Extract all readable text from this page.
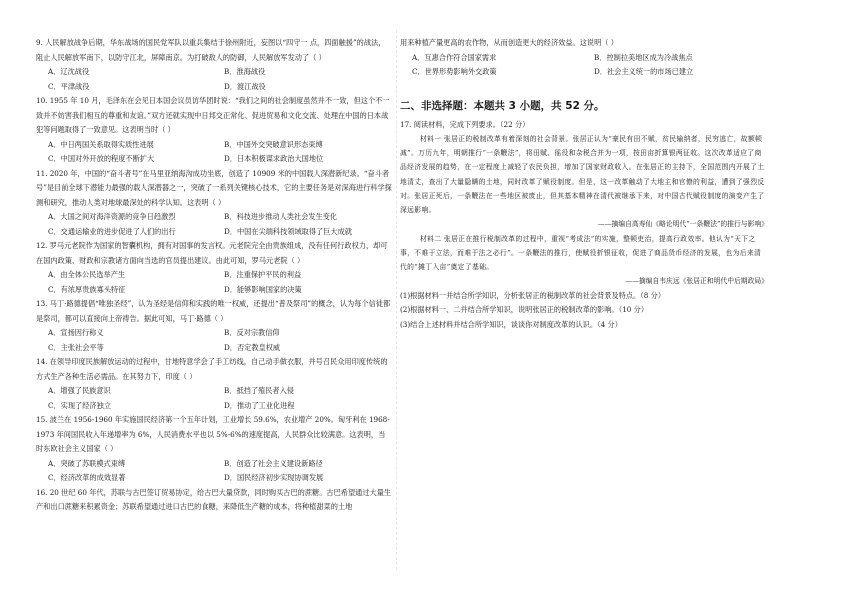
9. 人民解放战争后期，华东战场的国民党军队以重兵集结于徐州附近，妄图以“四守一 点，四面触援”的战法，阻止人民解放军南下，以防守江北，屏障南京。为打破敌人的防御，人民解放军发动了（ ）

A．辽沈战役	B．淮海战役
C．平津战役	D．渡江战役

10. 1955 年 10 月，毛泽东在会见日本国会议员访华团时说：“我们之间的社会制度虽然并不一致，但这个不一致并不妨害我们相互的尊重和友谊。”双方还就实现中日邦交正常化、促进贸易和文化交流、处理在中国的日本战犯等问题取得了一致意见。这表明当时（ ）

A．中日两国关系取得实质性进展	B．中国外交突破意识形态束缚
C．中国对外开放的程度不断扩大	D．日本积极谋求政治大国地位

11. 2020 年，中国的“奋斗者号”在马里亚纳海沟成功坐底，创造了 10909 米的中国载人深潜新纪录。“奋斗者号”是目前全球下潜能力最强的载人深潜器之一，突破了一系列关键核心技术，它的主要任务是对深海进行科学探测和研究，推动人类对地球最深处的科学认知。这表明（ ）

A．大国之间对海洋资源的竞争日趋激烈	B．科技进步推动人类社会发生变化
C．交通运输业的进步促进了人们的出行	D．中国在尖端科技领域取得了巨大成就

12. 罗马元老院作为国家的智囊机构，拥有对国事的发言权。元老院完全由贵族组成，没有任何行政权力，却可在国内政策、财政和宗教诸方面向当选的官员提出建议。由此可知，罗马元老院（ ）

A．由全体公民选举产生	B．注重保护平民的利益
C．有浓厚贵族寡头特征	D．能够影响国家的决策

13. 马丁·路德提倡“唯独圣经”，认为圣经是信仰和实践的唯一权威，还提出“普及祭司”的概念，认为每个信徒都是祭司，都可以直接向上帝祷告。据此可知，马丁·路德（ ）

A．宣扬因行称义	B．反对宗教信仰
C．主张社会平等	D．否定教皇权威

14. 在领导印度民族解放运动的过程中，甘地特意学会了手工纺线，自己动手做衣服，并号召民众用印度传统的方式生产各种生活必需品。在其努力下，印度（ ）

A．增强了民族意识	B．抵挡了殖民者入侵
C．实现了经济独立	D．推动了工业化进程

15. 波兰在 1956-1960 年实施国民经济第一个五年计划，工业增长 59.6%，农业增产 20%。匈牙利在 1968-1973 年间国民收入年递增率为 6%，人民消费水平也以 5%-6%的速度提高，人民群众比较满意。这表明，当时东欧社会主义国家（ ）

A．突破了苏联模式束缚	B．创造了社会主义建设新路径
C．经济改革的成效显著	D．国民经济初步实现协调发展

16. 20 世纪 60 年代，苏联与古巴签订贸易协定，给古巴大量贷款，同时购买古巴的蔗糖。古巴希望通过大量生产和出口蔗糖来积累资金；苏联希望通过进口古巴的食糖，来降低生产糖的成本，将种植甜菜的土地

用来种植产量更高的农作物，从而创造更大的经济效益。这说明（ ）

A．互惠合作符合国家需求	B．控制拉美地区成为冷战焦点
C．世界形势影响外交政策	D．社会主义统一的市场已建立
二、非选择题：本题共 3 小题，共 52 分。

17. 阅读材料，完成下列要求。（22 分）

材料一 张居正的税制改革有着深刻的社会背景。张居正认为“豪民有田不赋，贫民输纳者，民穷逃亡，故额顿减”。万历九年，明朝推行“一条鞭法”，将田赋、徭役和杂税合并为一项，按田亩折算银两征收。这次改革适应了商品经济发展的趋势，在一定程度上减轻了农民负担，增加了国家财政收入。在张居正的主持下，全国范围内开展了土地清丈，查出了大量隐瞒的土地，同时改革了赋役制度。但是，这一改革触动了大地主和官僚的利益，遭到了强烈反对。张居正死后，一条鞭法在一些地区被废止，但其基本精神在清代被继承下来，对中国古代赋役制度的演变产生了深远影响。

——摘编自高寿仙《略论明代“一条鞭法”的推行与影响》

材料二 张居正在推行税制改革的过程中，重视“考成法”的实施，整顿吏治，提高行政效率。他认为“天下之事，不难于立法，而难于法之必行”。一条鞭法的推行，使赋役折银征收，促进了商品货币经济的发展，也为后来清代的“摊丁入亩”奠定了基础。

——摘编自韦庆远《张居正和明代中后期政局》

(1)根据材料一并结合所学知识，分析张居正的税制改革的社会背景及特点。（8 分）

(2)根据材料一、二并结合所学知识，说明张居正的税制改革的影响。（10 分）

(3)结合上述材料并结合所学知识，谈谈你对制度改革的认识。（4 分）
